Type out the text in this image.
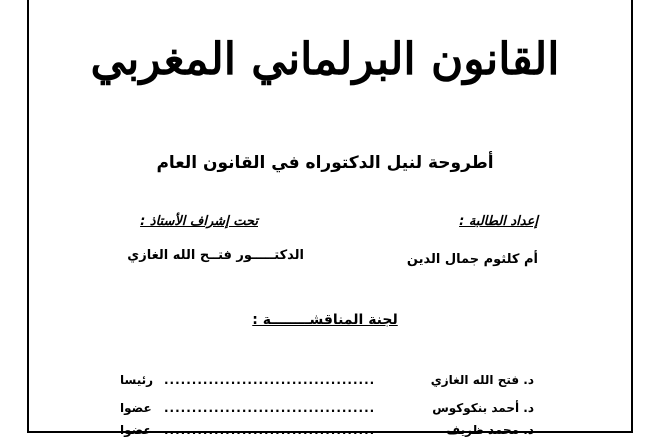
القانون البرلماني المغربي
أطروحة لنيل الدكتوراه في القانون العام
إعداد الطالبة :
تحت إشراف الأستاذ :
أم كلثوم جمال الدين
الدكتـــــور فتــح الله الغازي
لجنة المناقشــــــــة :
د. فتح الله الغازي
......................................
رئيسا
د. أحمد بنكوكوس
......................................
عضوا
د. محمد ظريف
......................................
عضوا
